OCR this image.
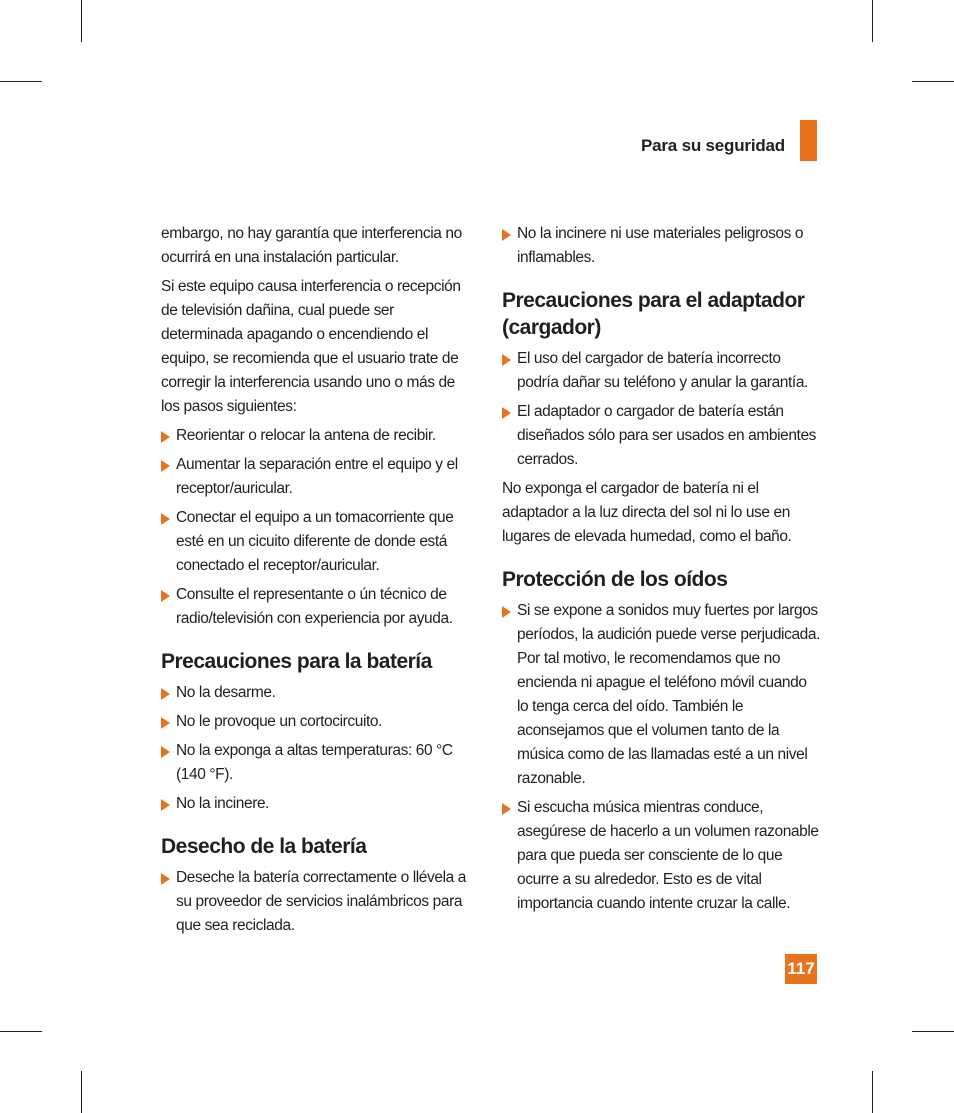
Para su seguridad

embargo, no hay garantía que interferencia no ocurrirá en una instalación particular.

Si este equipo causa interferencia o recepción de televisión dañina, cual puede ser determinada apagando o encendiendo el equipo, se recomienda que el usuario trate de corregir la interferencia usando uno o más de los pasos siguientes:

Reorientar o relocar la antena de recibir.
Aumentar la separación entre el equipo y el receptor/auricular.
Conectar el equipo a un tomacorriente que esté en un cicuito diferente de donde está conectado el receptor/auricular.
Consulte el representante o ún técnico de radio/televisión con experiencia por ayuda.
Precauciones para la batería
No la desarme.
No le provoque un cortocircuito.
No la exponga a altas temperaturas: 60 °C (140 °F).
No la incinere.
Desecho de la batería
Deseche la batería correctamente o llévela a su proveedor de servicios inalámbricos para que sea reciclada.
No la incinere ni use materiales peligrosos o inflamables.
Precauciones para el adaptador (cargador)
El uso del cargador de batería incorrecto podría dañar su teléfono y anular la garantía.
El adaptador o cargador de batería están diseñados sólo para ser usados en ambientes cerrados.

No exponga el cargador de batería ni el adaptador a la luz directa del sol ni lo use en lugares de elevada humedad, como el baño.

Protección de los oídos
Si se expone a sonidos muy fuertes por largos períodos, la audición puede verse perjudicada. Por tal motivo, le recomendamos que no encienda ni apague el teléfono móvil cuando lo tenga cerca del oído. También le aconsejamos que el volumen tanto de la música como de las llamadas esté a un nivel razonable.
Si escucha música mientras conduce, asegúrese de hacerlo a un volumen razonable para que pueda ser consciente de lo que ocurre a su alrededor. Esto es de vital importancia cuando intente cruzar la calle.
117
